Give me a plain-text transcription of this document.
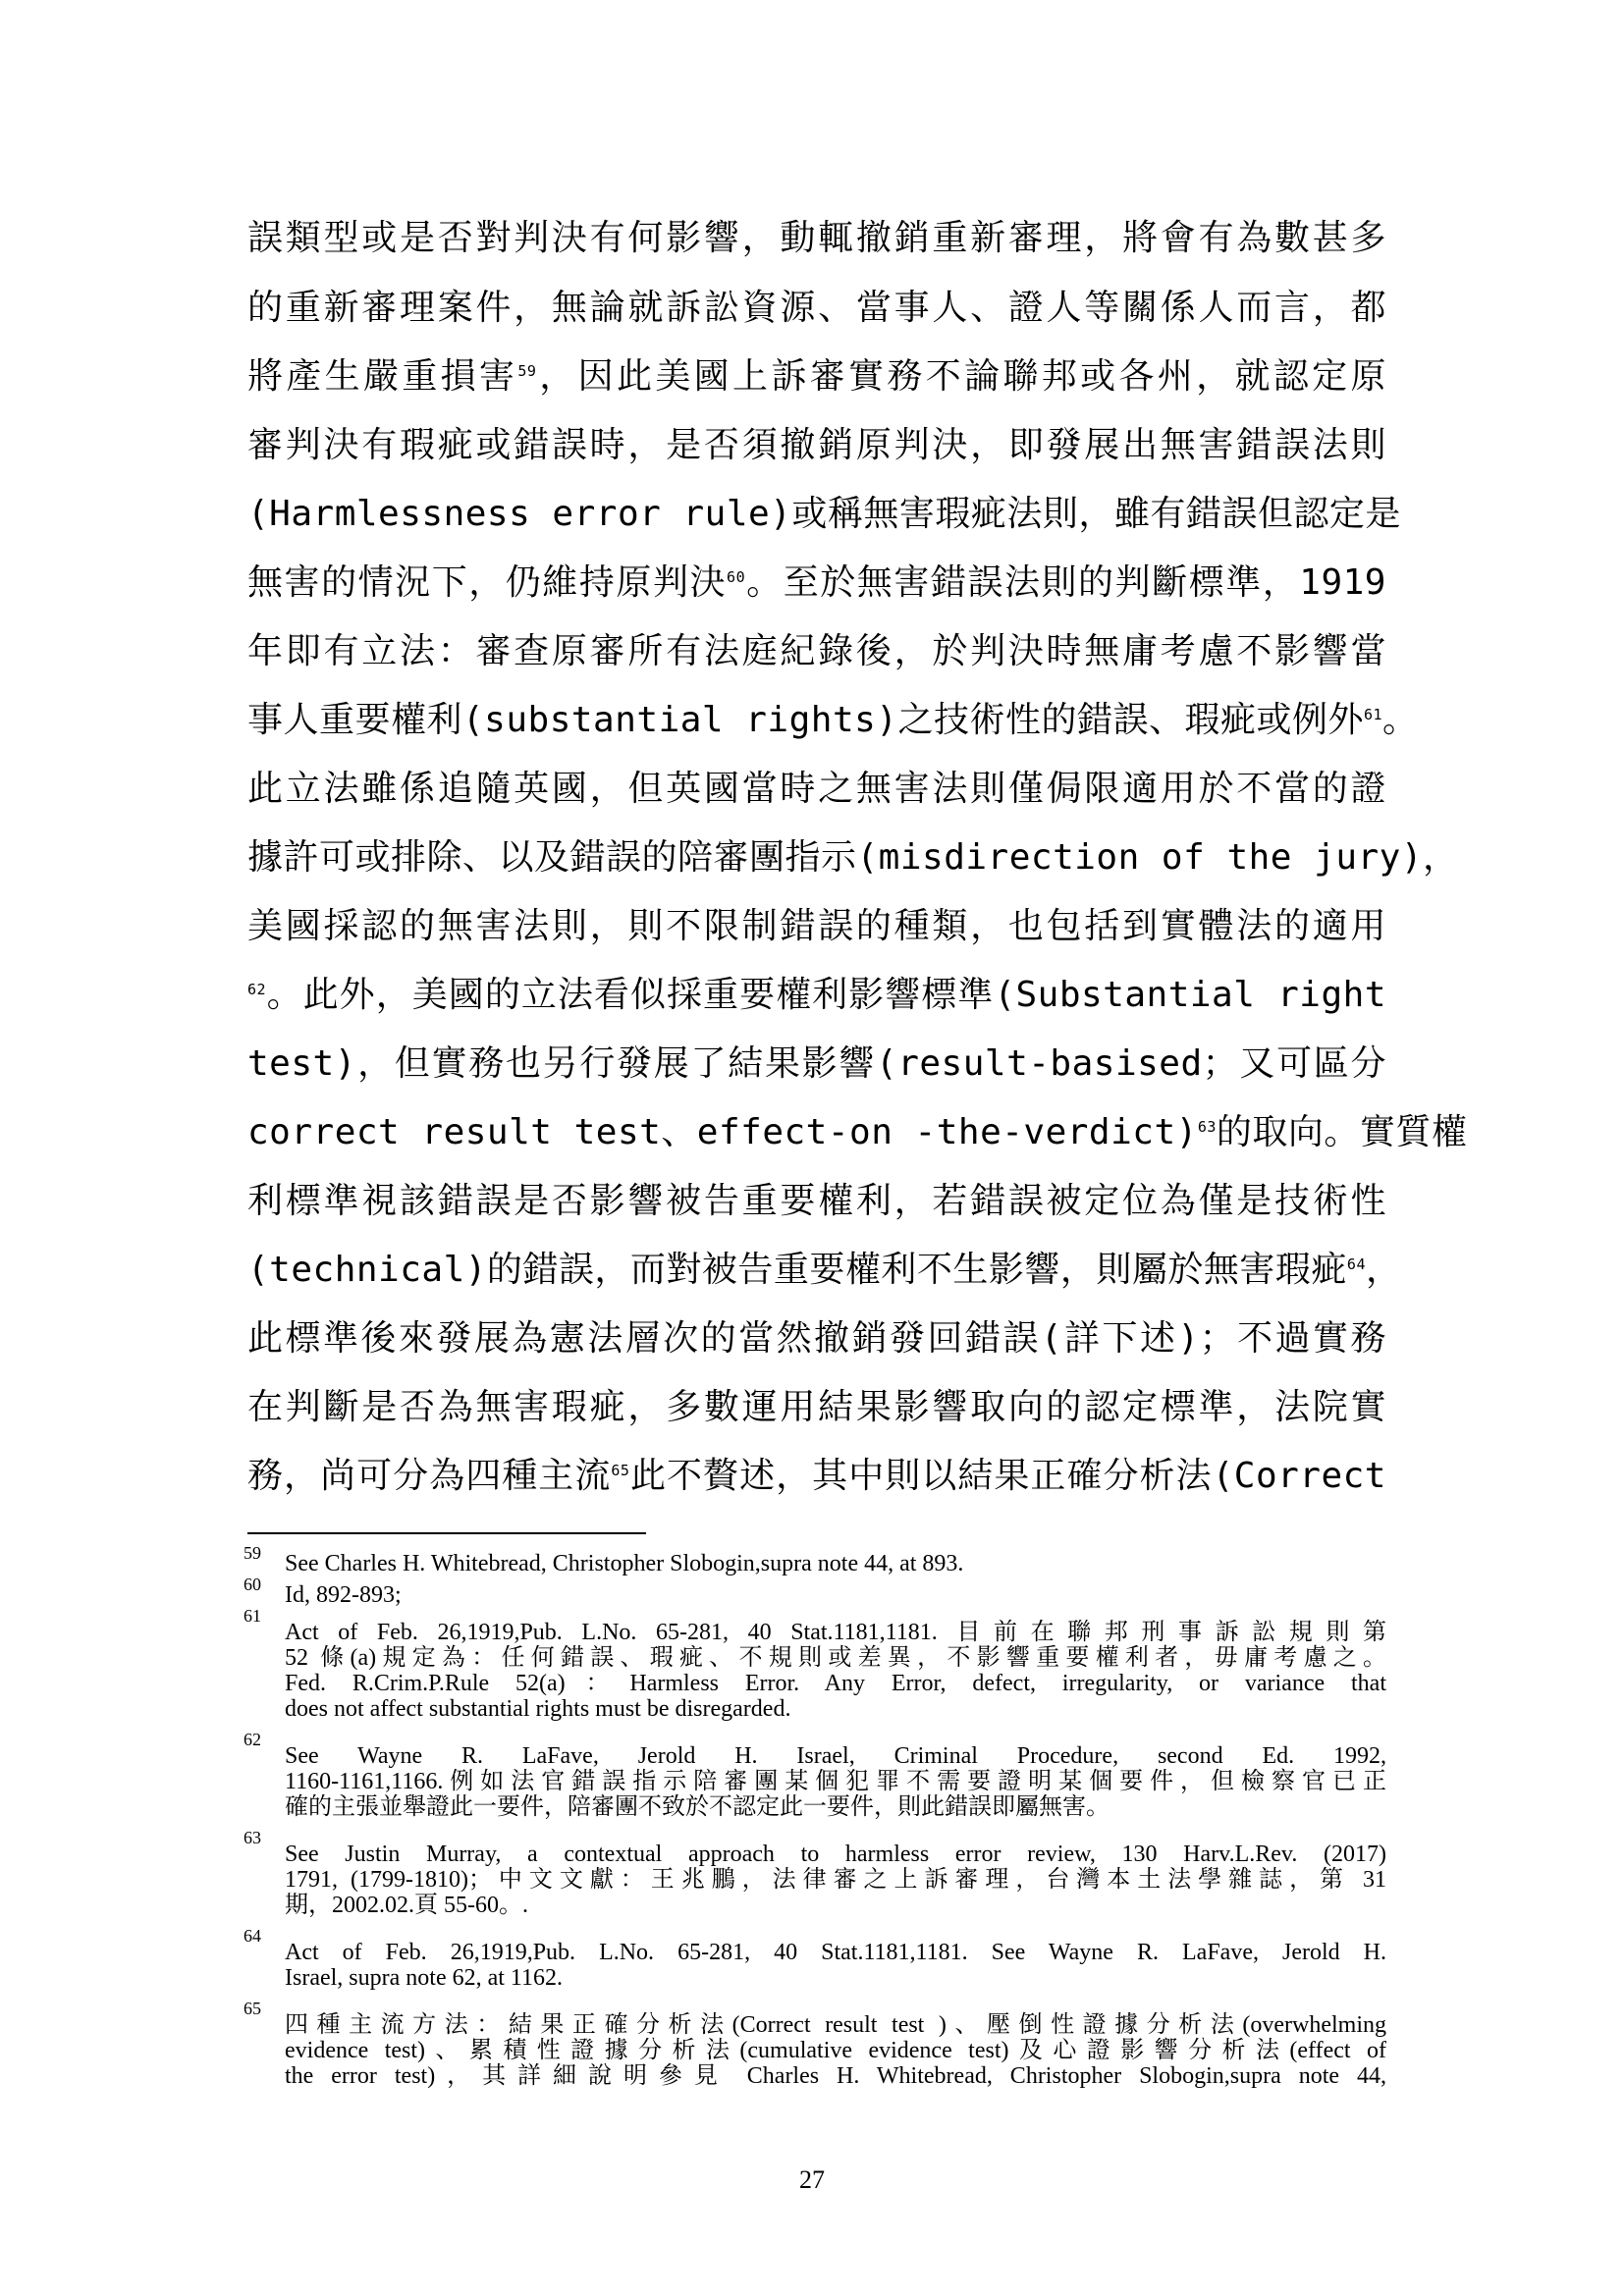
誤類型或是否對判決有何影響，動輒撤銷重新審理，將會有為數甚多
的重新審理案件，無論就訴訟資源、當事人、證人等關係人而言，都
將產生嚴重損害$^{59}$，因此美國上訴審實務不論聯邦或各州，就認定原
審判決有瑕疵或錯誤時，是否須撤銷原判決，即發展出無害錯誤法則
(Harmlessness error rule)或稱無害瑕疵法則，雖有錯誤但認定是
無害的情況下，仍維持原判決$^{60}$。至於無害錯誤法則的判斷標準，1919
年即有立法：審查原審所有法庭紀錄後，於判決時無庸考慮不影響當
事人重要權利(substantial rights)之技術性的錯誤、瑕疵或例外$^{61}$。
此立法雖係追隨英國，但英國當時之無害法則僅侷限適用於不當的證
據許可或排除、以及錯誤的陪審團指示(misdirection of the jury)，
美國採認的無害法則，則不限制錯誤的種類，也包括到實體法的適用
$^{62}$。此外，美國的立法看似採重要權利影響標準(Substantial right
test)，但實務也另行發展了結果影響(result-basised；又可區分
correct result test、effect-on -the-verdict)$^{63}$的取向。實質權
利標準視該錯誤是否影響被告重要權利，若錯誤被定位為僅是技術性
(technical)的錯誤，而對被告重要權利不生影響，則屬於無害瑕疵$^{64}$，
此標準後來發展為憲法層次的當然撤銷發回錯誤(詳下述)；不過實務
在判斷是否為無害瑕疵，多數運用結果影響取向的認定標準，法院實
務，尚可分為四種主流$^{65}$此不贅述，其中則以結果正確分析法(Correct
59 See Charles H. Whitebread, Christopher Slobogin,supra note 44, at 893.
60 Id, 892-893;
61
Act of Feb. 26,1919,Pub. L.No. 65-281, 40 Stat.1181,1181. 目前在聯邦刑事訴訟規則第
52 條(a)規定為：任何錯誤、瑕疵、不規則或差異，不影響重要權利者，毋庸考慮之。
Fed. R.Crim.P.Rule 52(a)：Harmless Error. Any Error, defect, irregularity, or variance that
does not affect substantial rights must be disregarded.
62
See Wayne R. LaFave, Jerold H. Israel, Criminal Procedure, second Ed. 1992,
1160-1161,1166.例如法官錯誤指示陪審團某個犯罪不需要證明某個要件，但檢察官已正
確的主張並舉證此一要件，陪審團不致於不認定此一要件，則此錯誤即屬無害。
63
See Justin Murray, a contextual approach to harmless error review, 130 Harv.L.Rev. (2017)
1791, (1799-1810)；中文文獻：王兆鵬，法律審之上訴審理，台灣本土法學雜誌，第 31
期，2002.02.頁 55-60。.
64
Act of Feb. 26,1919,Pub. L.No. 65-281, 40 Stat.1181,1181. See Wayne R. LaFave, Jerold H.
Israel, supra note 62, at 1162.
65
四種主流方法：結果正確分析法(Correct result test )、壓倒性證據分析法(overwhelming
evidence test)、累積性證據分析法(cumulative evidence test)及心證影響分析法(effect of
the error test)，其詳細說明參見 Charles H. Whitebread, Christopher Slobogin,supra note 44,
27
